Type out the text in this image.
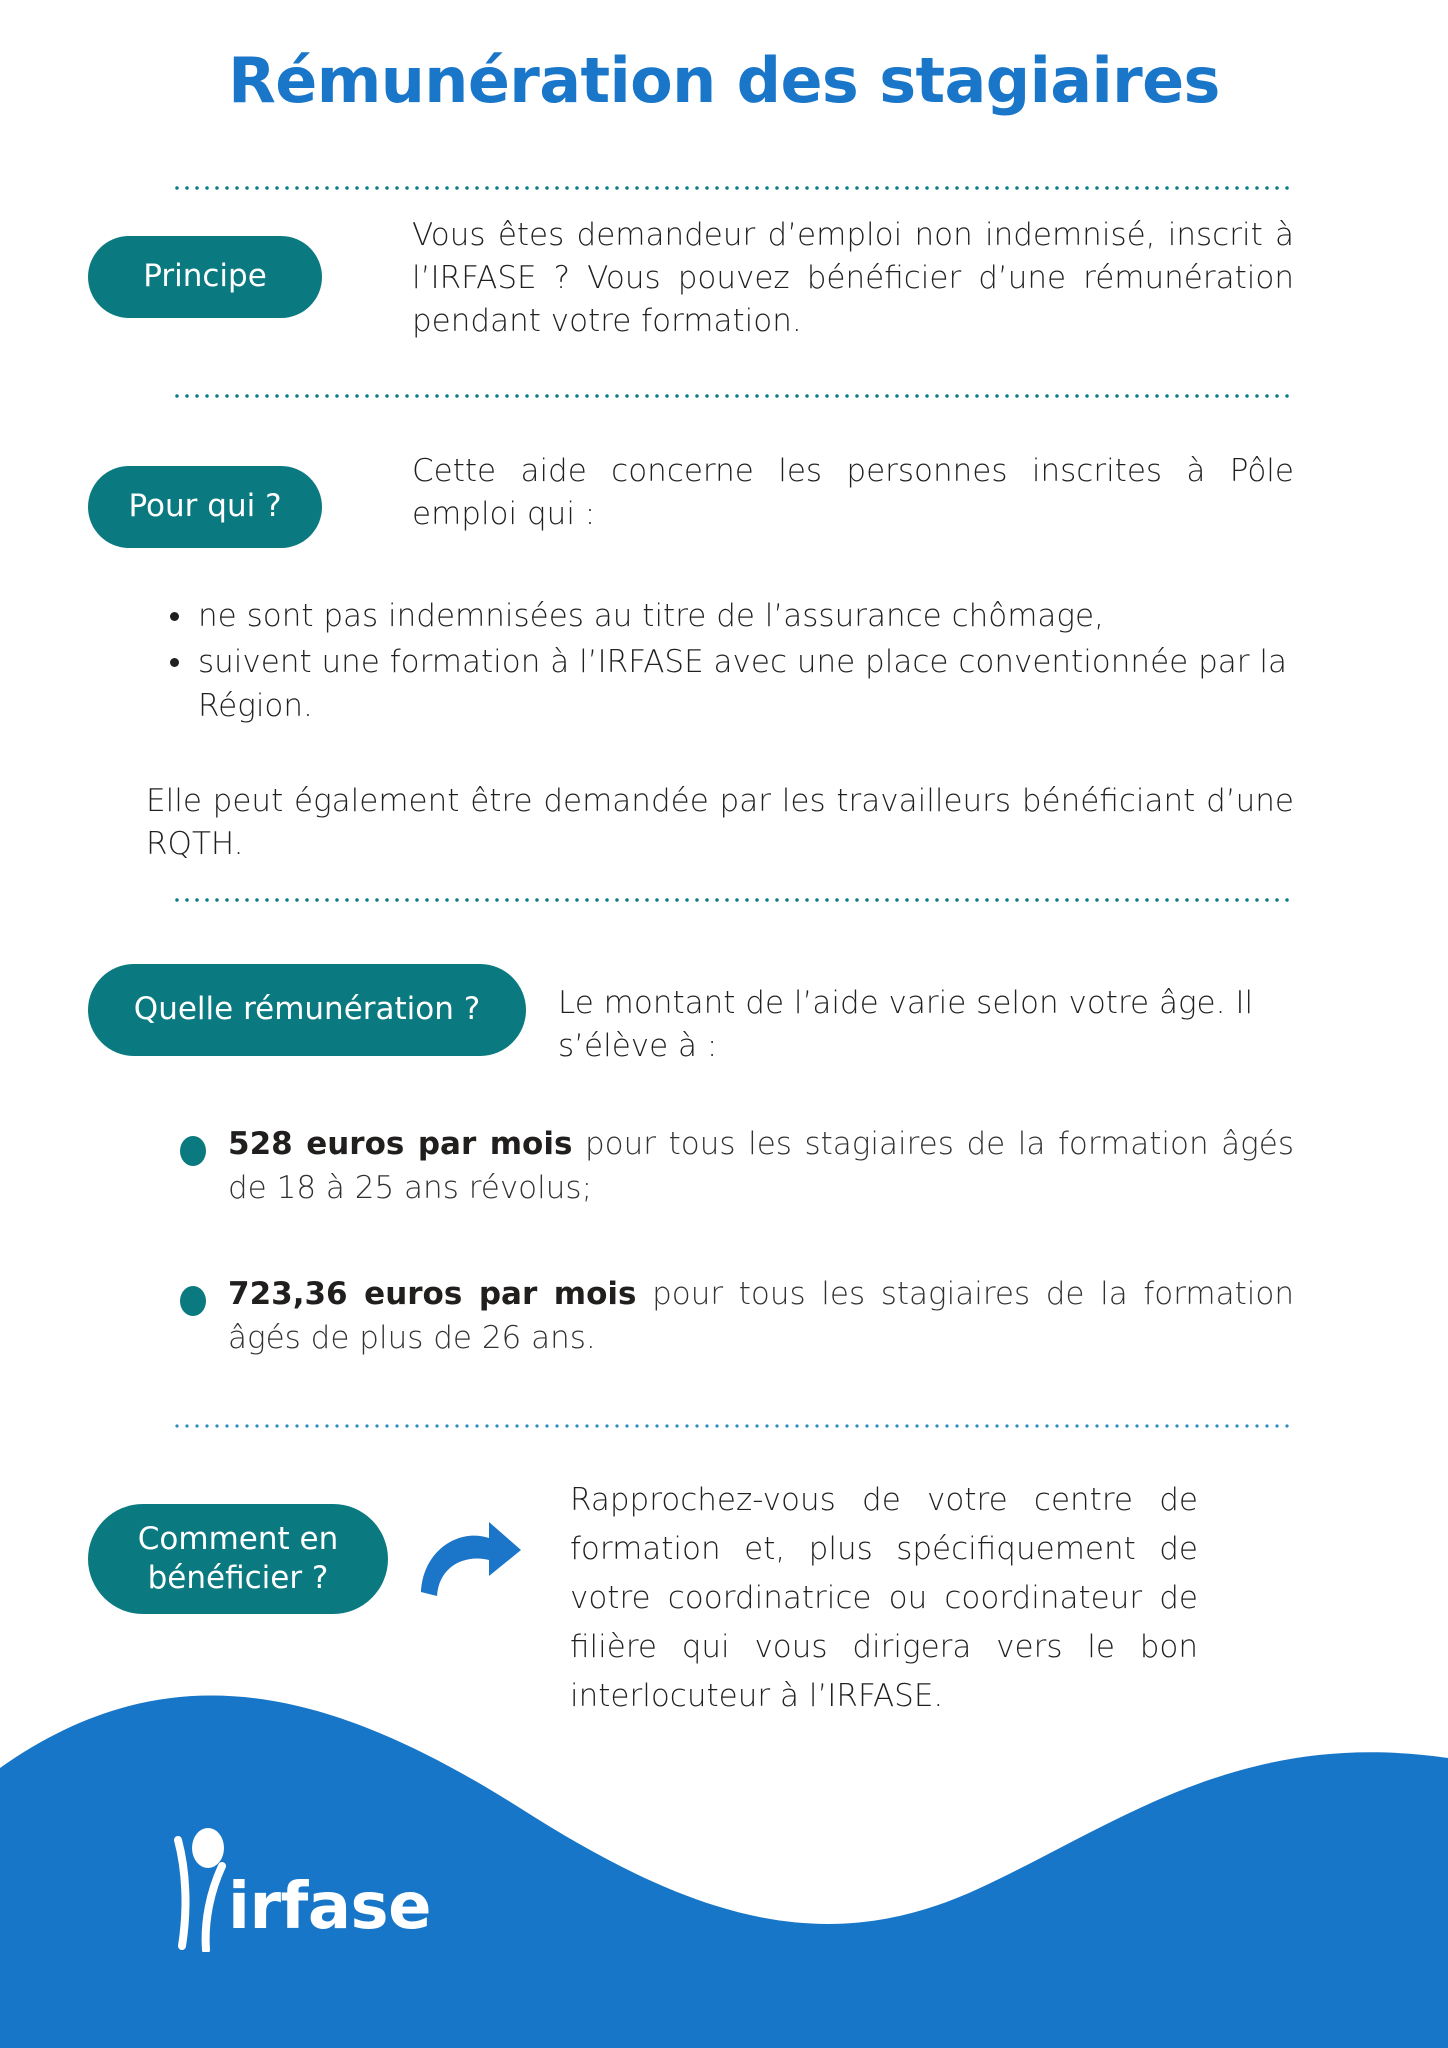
Rémunération des stagiaires
Principe
Vous êtes demandeur d’emploi non indemnisé, inscrit à l’IRFASE ? Vous pouvez bénéficier d’une rémunération pendant votre formation.
Pour qui ?
Cette aide concerne les personnes inscrites à Pôle emploi qui :
ne sont pas indemnisées au titre de l’assurance chômage,
suivent une formation à l’IRFASE avec une place conventionnée par la Région.
Elle peut également être demandée par les travailleurs bénéficiant d’une RQTH.
Quelle rémunération ?	Le montant de l’aide varie selon votre âge. Il s’élève à :
528 euros par mois pour tous les stagiaires de la formation âgés de 18 à 25 ans révolus;
723,36 euros par mois pour tous les stagiaires de la formation âgés de plus de 26 ans.
Comment en bénéficier ?
Rapprochez-vous de votre centre de formation et, plus spécifiquement de votre coordinatrice ou coordinateur de filière qui vous dirigera vers le bon interlocuteur à l’IRFASE.
irfase
